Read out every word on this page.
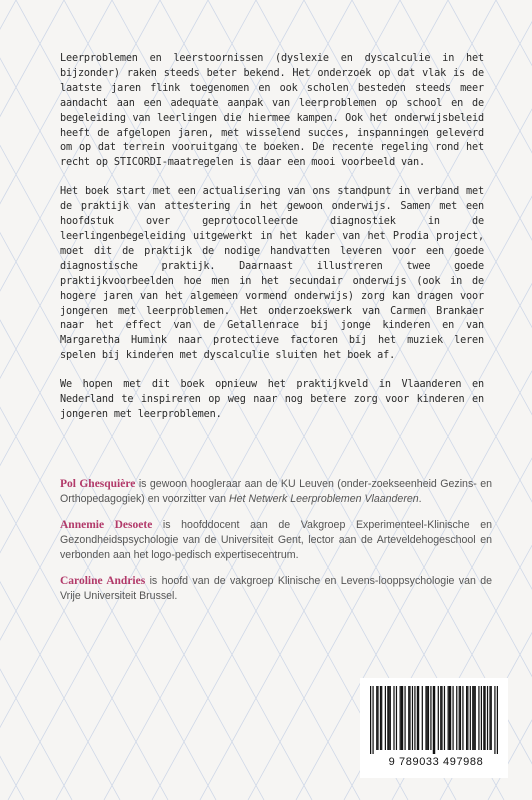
Leerproblemen en leerstoornissen (dyslexie en dyscalculie in het bijzonder) raken steeds beter bekend. Het onderzoek op dat vlak is de laatste jaren flink toegenomen en ook scholen besteden steeds meer aandacht aan een adequate aanpak van leerproblemen op school en de begeleiding van leerlingen die hiermee kampen. Ook het onderwijsbeleid heeft de afgelopen jaren, met wisselend succes, inspanningen geleverd om op dat terrein vooruitgang te boeken. De recente regeling rond het recht op STICORDI-maatregelen is daar een mooi voorbeeld van.

Het boek start met een actualisering van ons standpunt in verband met de praktijk van attestering in het gewoon onderwijs. Samen met een hoofdstuk over geprotocolleerde diagnostiek in de leerlingenbegeleiding uitgewerkt in het kader van het Prodia project, moet dit de praktijk de nodige handvatten leveren voor een goede diagnostische praktijk. Daarnaast illustreren twee goede praktijkvoorbeelden hoe men in het secundair onderwijs (ook in de hogere jaren van het algemeen vormend onderwijs) zorg kan dragen voor jongeren met leerproblemen. Het onderzoekswerk van Carmen Brankaer naar het effect van de Getallenrace bij jonge kinderen en van Margaretha Humink naar protectieve factoren bij het muziek leren spelen bij kinderen met dyscalculie sluiten het boek af.

We hopen met dit boek opnieuw het praktijkveld in Vlaanderen en Nederland te inspireren op weg naar nog betere zorg voor kinderen en jongeren met leerproblemen.

Pol Ghesquière is gewoon hoogleraar aan de KU Leuven (onder-zoekseenheid Gezins- en Orthopedagogiek) en voorzitter van Het Netwerk Leerproblemen Vlaanderen.

Annemie Desoete is hoofddocent aan de Vakgroep Experimenteel-Klinische en Gezondheidspsychologie van de Universiteit Gent, lector aan de Arteveldehogeschool en verbonden aan het logo-pedisch expertisecentrum.

Caroline Andries is hoofd van de vakgroep Klinische en Levens-looppsychologie van de Vrije Universiteit Brussel.

9 789033 497988
